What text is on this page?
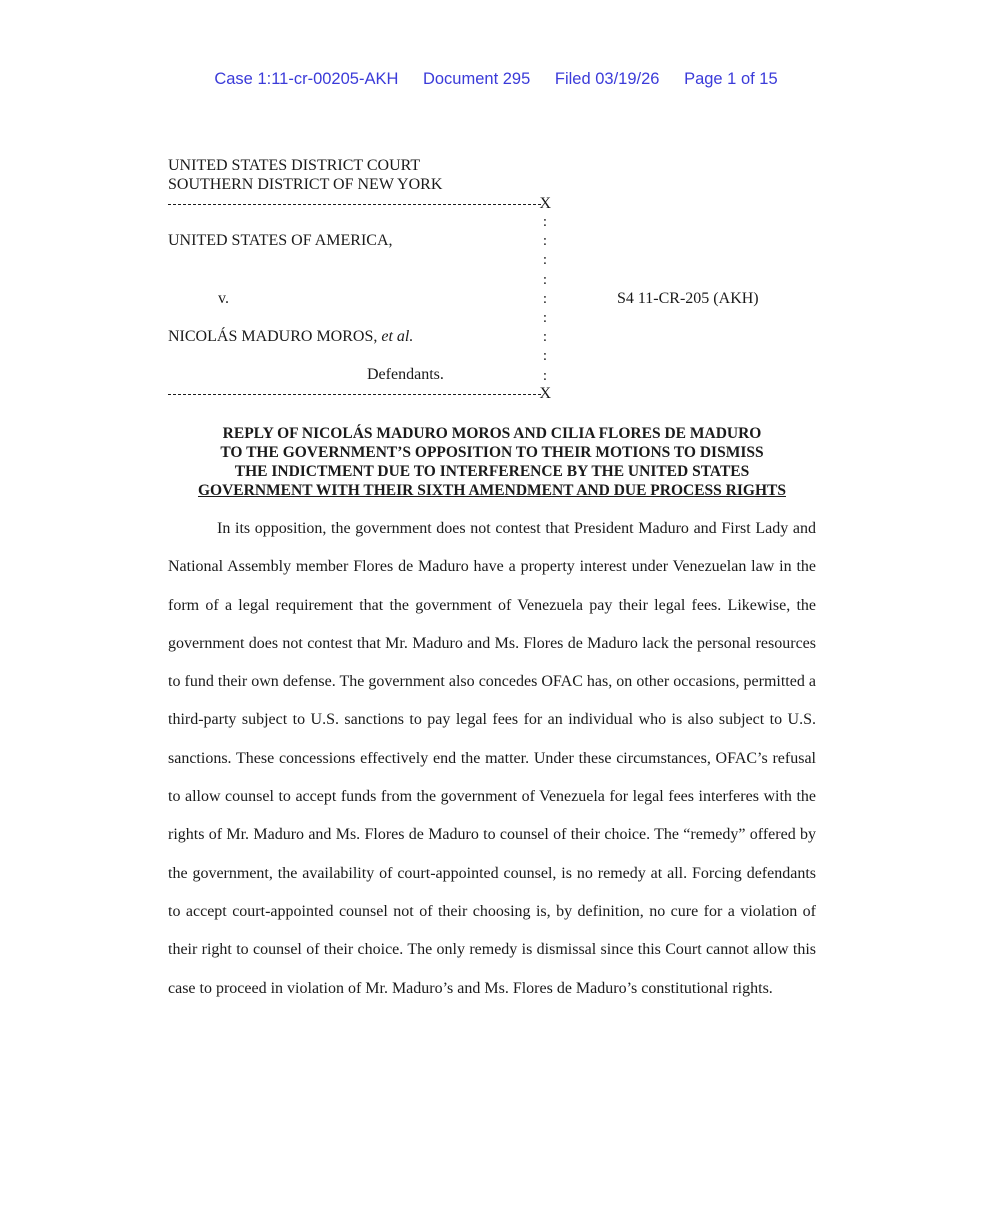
Case 1:11-cr-00205-AKH Document 295 Filed 03/19/26 Page 1 of 15
UNITED STATES DISTRICT COURT
SOUTHERN DISTRICT OF NEW YORK
X
:
:
:
:
:
:
:
:
:
UNITED STATES OF AMERICA,
v.
NICOLÁS MADURO MOROS, et al.
Defendants.
S4 11-CR-205 (AKH)
X
REPLY OF NICOLÁS MADURO MOROS AND CILIA FLORES DE MADURO
TO THE GOVERNMENT’S OPPOSITION TO THEIR MOTIONS TO DISMISS
THE INDICTMENT DUE TO INTERFERENCE BY THE UNITED STATES
GOVERNMENT WITH THEIR SIXTH AMENDMENT AND DUE PROCESS RIGHTS

In its opposition, the government does not contest that President Maduro and First Lady and National Assembly member Flores de Maduro have a property interest under Venezuelan law in the form of a legal requirement that the government of Venezuela pay their legal fees. Likewise, the government does not contest that Mr. Maduro and Ms. Flores de Maduro lack the personal resources to fund their own defense. The government also concedes OFAC has, on other occasions, permitted a third-party subject to U.S. sanctions to pay legal fees for an individual who is also subject to U.S. sanctions. These concessions effectively end the matter. Under these circumstances, OFAC’s refusal to allow counsel to accept funds from the government of Venezuela for legal fees interferes with the rights of Mr. Maduro and Ms. Flores de Maduro to counsel of their choice. The “remedy” offered by the government, the availability of court-appointed counsel, is no remedy at all. Forcing defendants to accept court-appointed counsel not of their choosing is, by definition, no cure for a violation of their right to counsel of their choice. The only remedy is dismissal since this Court cannot allow this case to proceed in violation of Mr. Maduro’s and Ms. Flores de Maduro’s constitutional rights.
